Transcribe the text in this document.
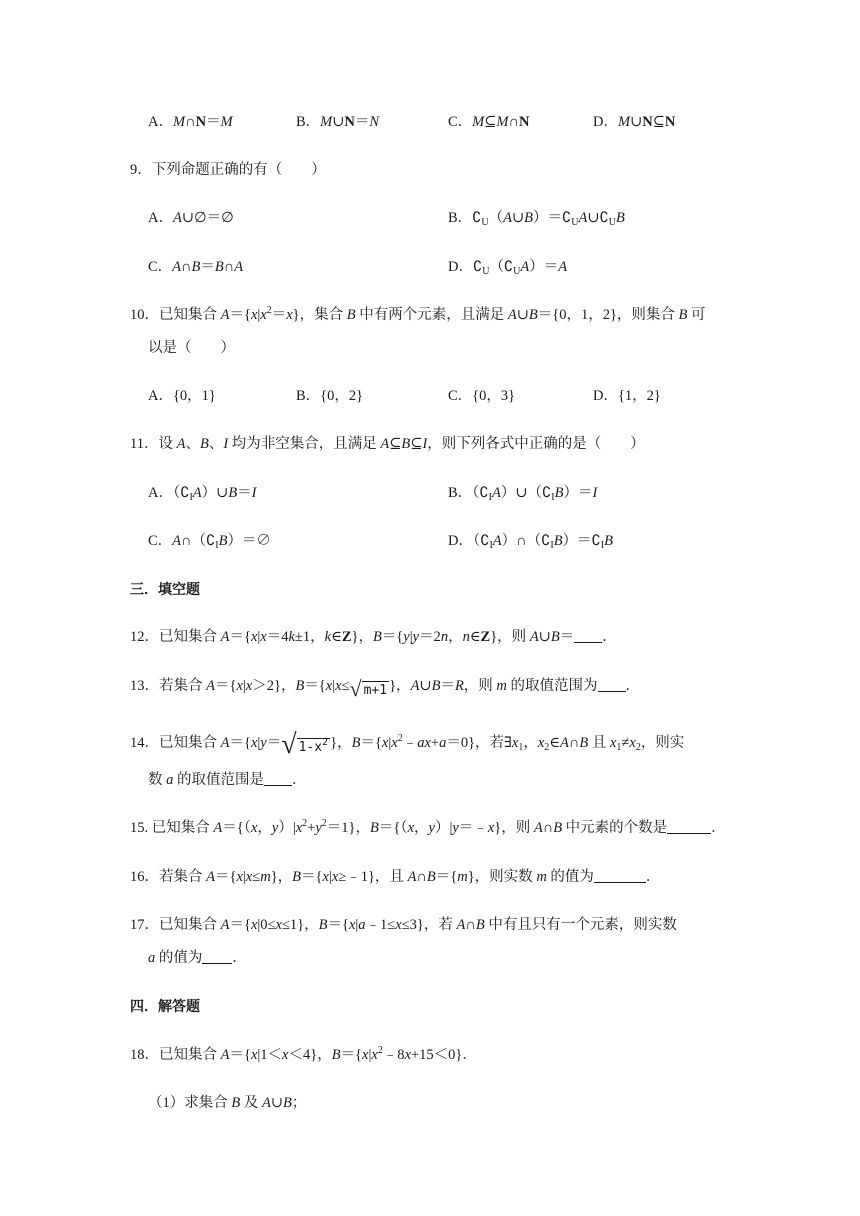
A．M∩N＝M	B．M∪N＝N	C．M⊆M∩N	D．M∪N⊆N
9．下列命题正确的有（　　）
A．A∪∅＝∅	B．$∁_U(A\cup B)=∁_UA\cup∁_UB$
C．A∩B＝B∩A	D．$∁_U(∁_UA)=A$
10．已知集合 $A=\{x|x^2=x\}$，集合 B 中有两个元素，且满足 A∪B＝{0，1，2}，则集合 B 可
以是（　　）
A．{0，1}	B．{0，2}	C．{0，3}	D．{1，2}
11．设 A、B、I 均为非空集合，且满足 A⊆B⊆I，则下列各式中正确的是（　　）
A．$(∁_IA)\cup B=I$	B．$(∁_IA)\cup(∁_IB)=I$
C．$A\cap(∁_IB)=\emptyset$	D．$(∁_IA)\cap(∁_IB)=∁_IB$
三．填空题
12．已知集合 A＝{x|x＝4k±1，k∈Z}，B＝{y|y＝2n，n∈Z}，则 A∪B＝ ．
13．若集合 A＝{x|x＞2}，B＝{x|x≤√ m+1 }，A∪B＝R，则 m 的取值范围为 ．
14．已知集合 A＝{x|y＝√ $1-x^2$ }，$B=\{x|x^2﹣ax+a=0\}$，若$\exists x_1$，$x_2\in A\cap B$ 且 $x_1\ne x_2$，则实
数 a 的取值范围是 ．
15. 已知集合 A＝{（x，$y)|x^2+y^2=1$}，B＝{（x，y）|y＝﹣x}，则 A∩B 中元素的个数是	．
16．若集合 A＝{x|x≤m}，B＝{x|x≥﹣1}，且 A∩B＝{m}，则实数 m 的值为	．
17．已知集合 A＝{x|0≤x≤1}，B＝{x|a﹣1≤x≤3}，若 A∩B 中有且只有一个元素，则实数
a 的值为 ．
四．解答题
18．已知集合 A＝{x|1＜x＜4}，$B=\{x|x^2﹣8x+15<0\}$．
（1）求集合 B 及 A∪B；
